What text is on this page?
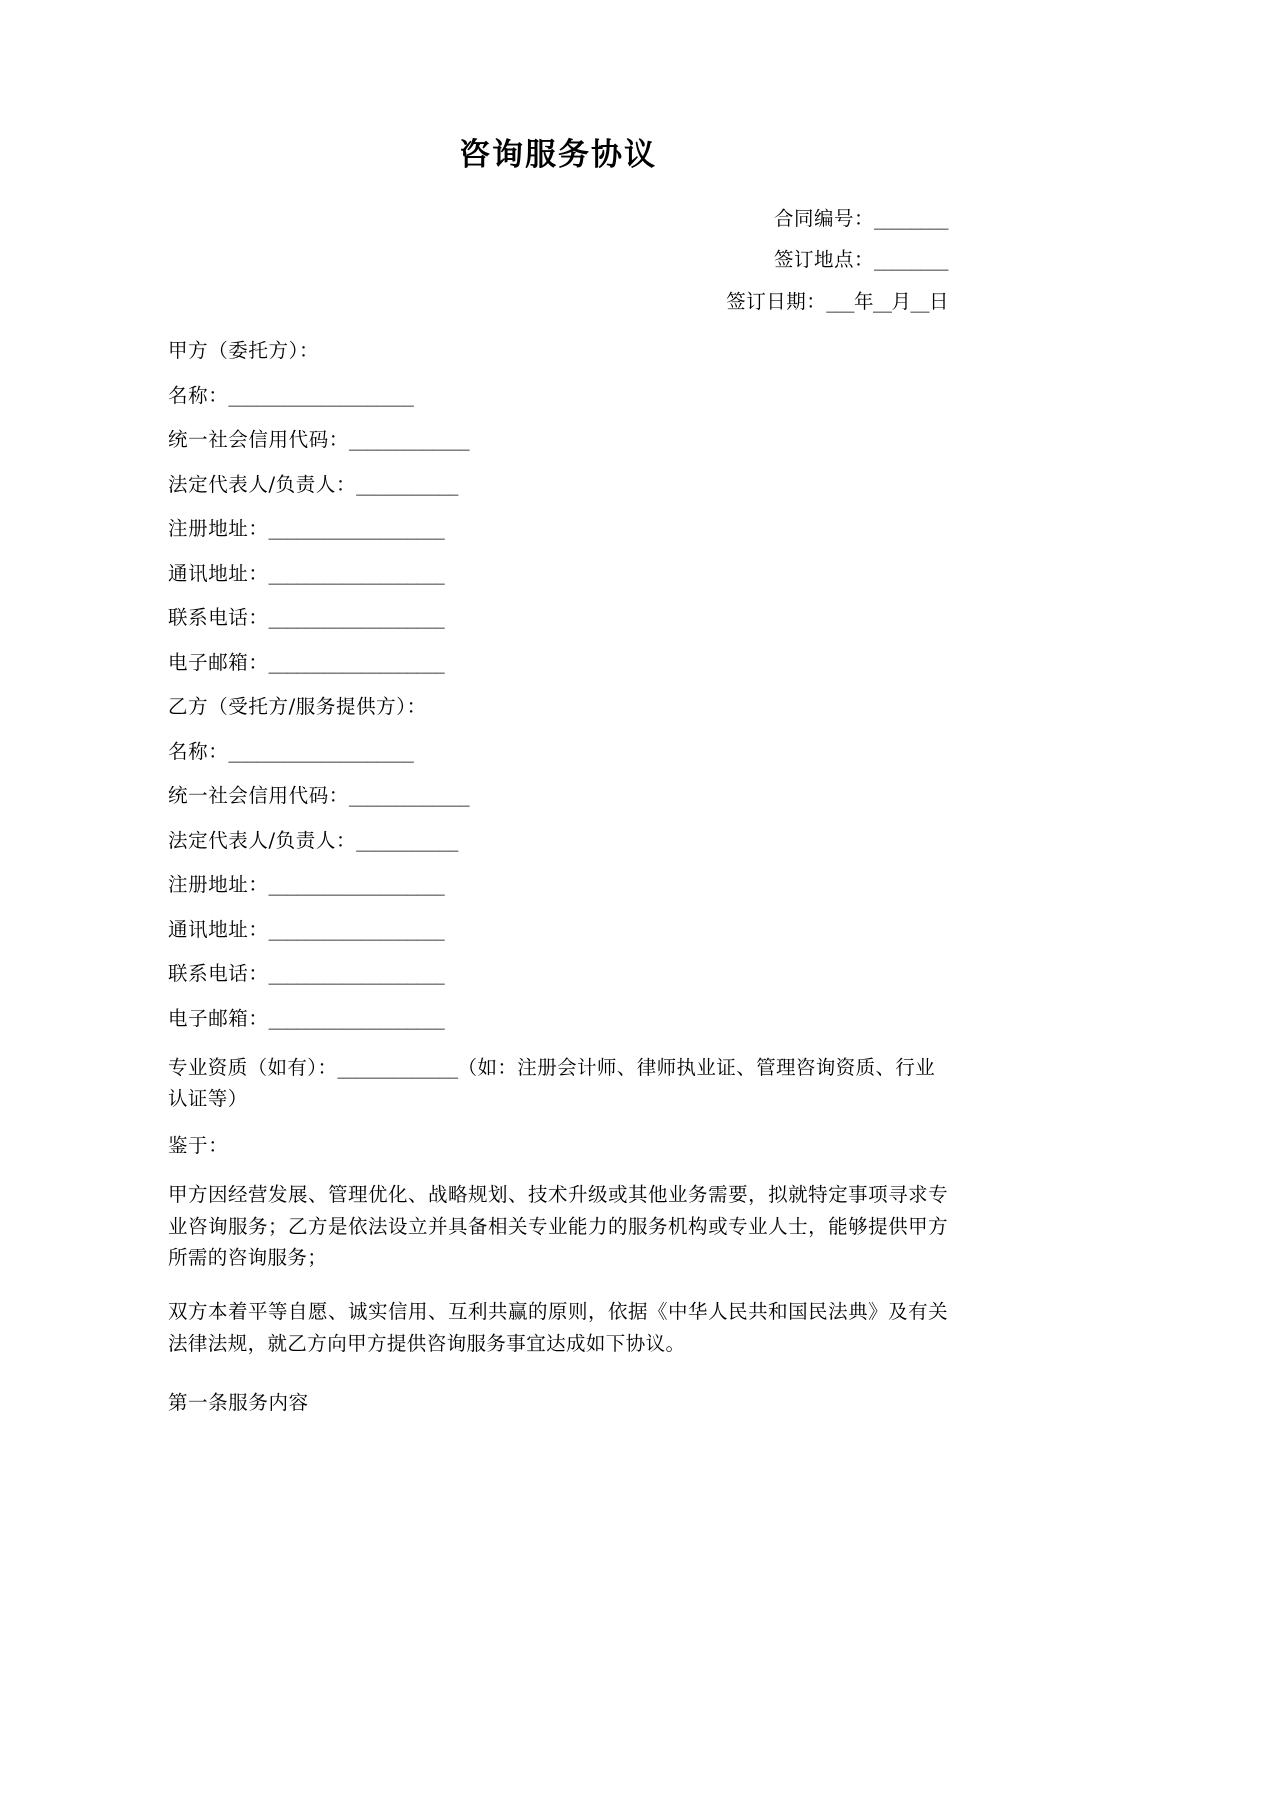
咨询服务协议
合同编号：________
签订地点：________
签订日期：___年__月__日
甲方（委托方）：
名称：____________________
统一社会信用代码：_____________
法定代表人/负责人：___________
注册地址：___________________
通讯地址：___________________
联系电话：___________________
电子邮箱：___________________
乙方（受托方/服务提供方）：
名称：____________________
统一社会信用代码：_____________
法定代表人/负责人：___________
注册地址：___________________
通讯地址：___________________
联系电话：___________________
电子邮箱：___________________
专业资质（如有）：_____________（如：注册会计师、律师执业证、管理咨询资质、行业认证等）
鉴于：
甲方因经营发展、管理优化、战略规划、技术升级或其他业务需要，拟就特定事项寻求专业咨询服务；乙方是依法设立并具备相关专业能力的服务机构或专业人士，能够提供甲方所需的咨询服务；
双方本着平等自愿、诚实信用、互利共赢的原则，依据《中华人民共和国民法典》及有关法律法规，就乙方向甲方提供咨询服务事宜达成如下协议。
第一条服务内容
